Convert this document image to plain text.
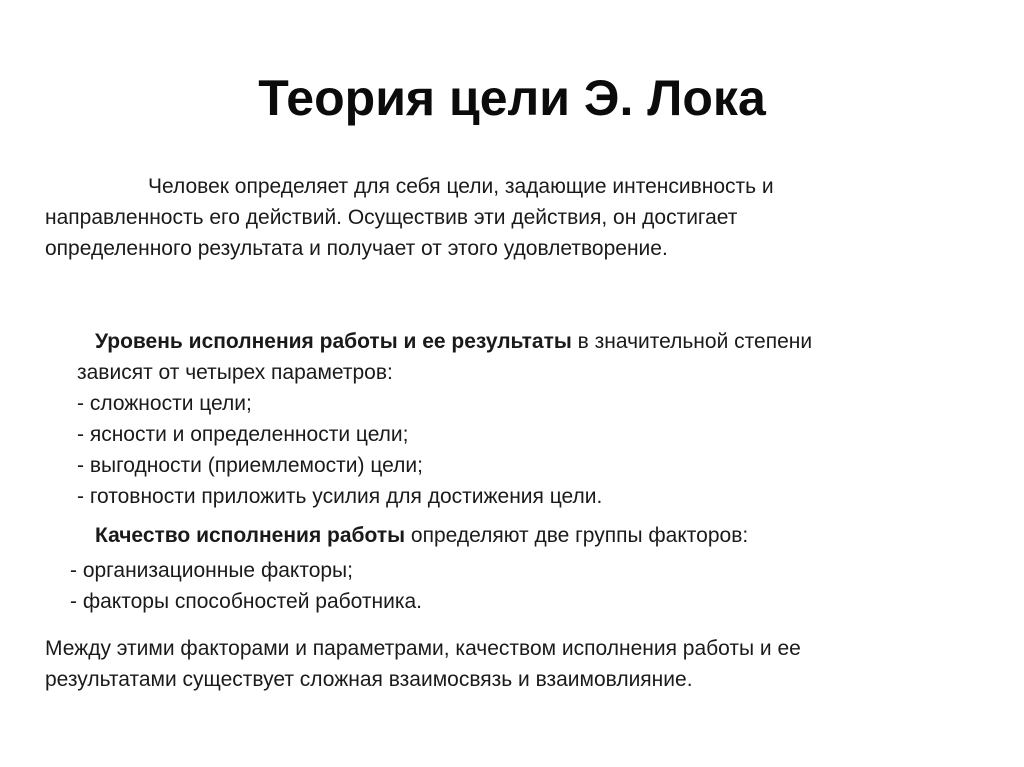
Теория цели Э. Лока
Человек определяет для себя цели, задающие интенсивность и
направленность его действий. Осуществив эти действия, он достигает
определенного результата и получает от этого удовлетворение.
Уровень исполнения работы и ее результаты в значительной степени
зависят от четырех параметров:
- сложности цели;
- ясности и определенности цели;
- выгодности (приемлемости) цели;
- готовности приложить усилия для достижения цели.
Качество исполнения работы определяют две группы факторов:
- организационные факторы;
- факторы способностей работника.
Между этими факторами и параметрами, качеством исполнения работы и ее
результатами существует сложная взаимосвязь и взаимовлияние.
